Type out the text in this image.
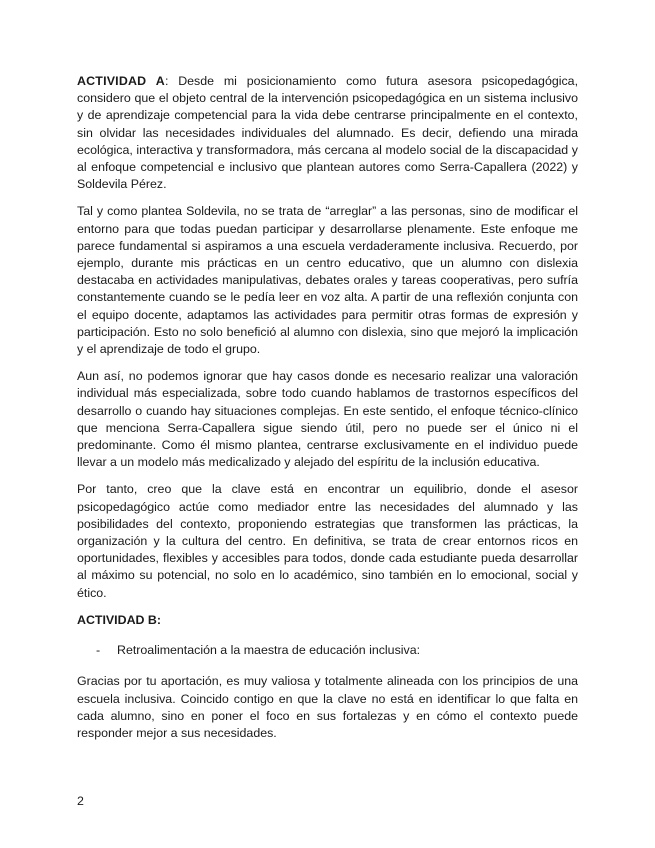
ACTIVIDAD A: Desde mi posicionamiento como futura asesora psicopedagógica, considero que el objeto central de la intervención psicopedagógica en un sistema inclusivo y de aprendizaje competencial para la vida debe centrarse principalmente en el contexto, sin olvidar las necesidades individuales del alumnado. Es decir, defiendo una mirada ecológica, interactiva y transformadora, más cercana al modelo social de la discapacidad y al enfoque competencial e inclusivo que plantean autores como Serra-Capallera (2022) y Soldevila Pérez.

Tal y como plantea Soldevila, no se trata de “arreglar” a las personas, sino de modificar el entorno para que todas puedan participar y desarrollarse plenamente. Este enfoque me parece fundamental si aspiramos a una escuela verdaderamente inclusiva. Recuerdo, por ejemplo, durante mis prácticas en un centro educativo, que un alumno con dislexia destacaba en actividades manipulativas, debates orales y tareas cooperativas, pero sufría constantemente cuando se le pedía leer en voz alta. A partir de una reflexión conjunta con el equipo docente, adaptamos las actividades para permitir otras formas de expresión y participación. Esto no solo benefició al alumno con dislexia, sino que mejoró la implicación y el aprendizaje de todo el grupo.

Aun así, no podemos ignorar que hay casos donde es necesario realizar una valoración individual más especializada, sobre todo cuando hablamos de trastornos específicos del desarrollo o cuando hay situaciones complejas. En este sentido, el enfoque técnico-clínico que menciona Serra-Capallera sigue siendo útil, pero no puede ser el único ni el predominante. Como él mismo plantea, centrarse exclusivamente en el individuo puede llevar a un modelo más medicalizado y alejado del espíritu de la inclusión educativa.

Por tanto, creo que la clave está en encontrar un equilibrio, donde el asesor psicopedagógico actúe como mediador entre las necesidades del alumnado y las posibilidades del contexto, proponiendo estrategias que transformen las prácticas, la organización y la cultura del centro. En definitiva, se trata de crear entornos ricos en oportunidades, flexibles y accesibles para todos, donde cada estudiante pueda desarrollar al máximo su potencial, no solo en lo académico, sino también en lo emocional, social y ético.

ACTIVIDAD B:

-	Retroalimentación a la maestra de educación inclusiva:

Gracias por tu aportación, es muy valiosa y totalmente alineada con los principios de una escuela inclusiva. Coincido contigo en que la clave no está en identificar lo que falta en cada alumno, sino en poner el foco en sus fortalezas y en cómo el contexto puede responder mejor a sus necesidades.

2
